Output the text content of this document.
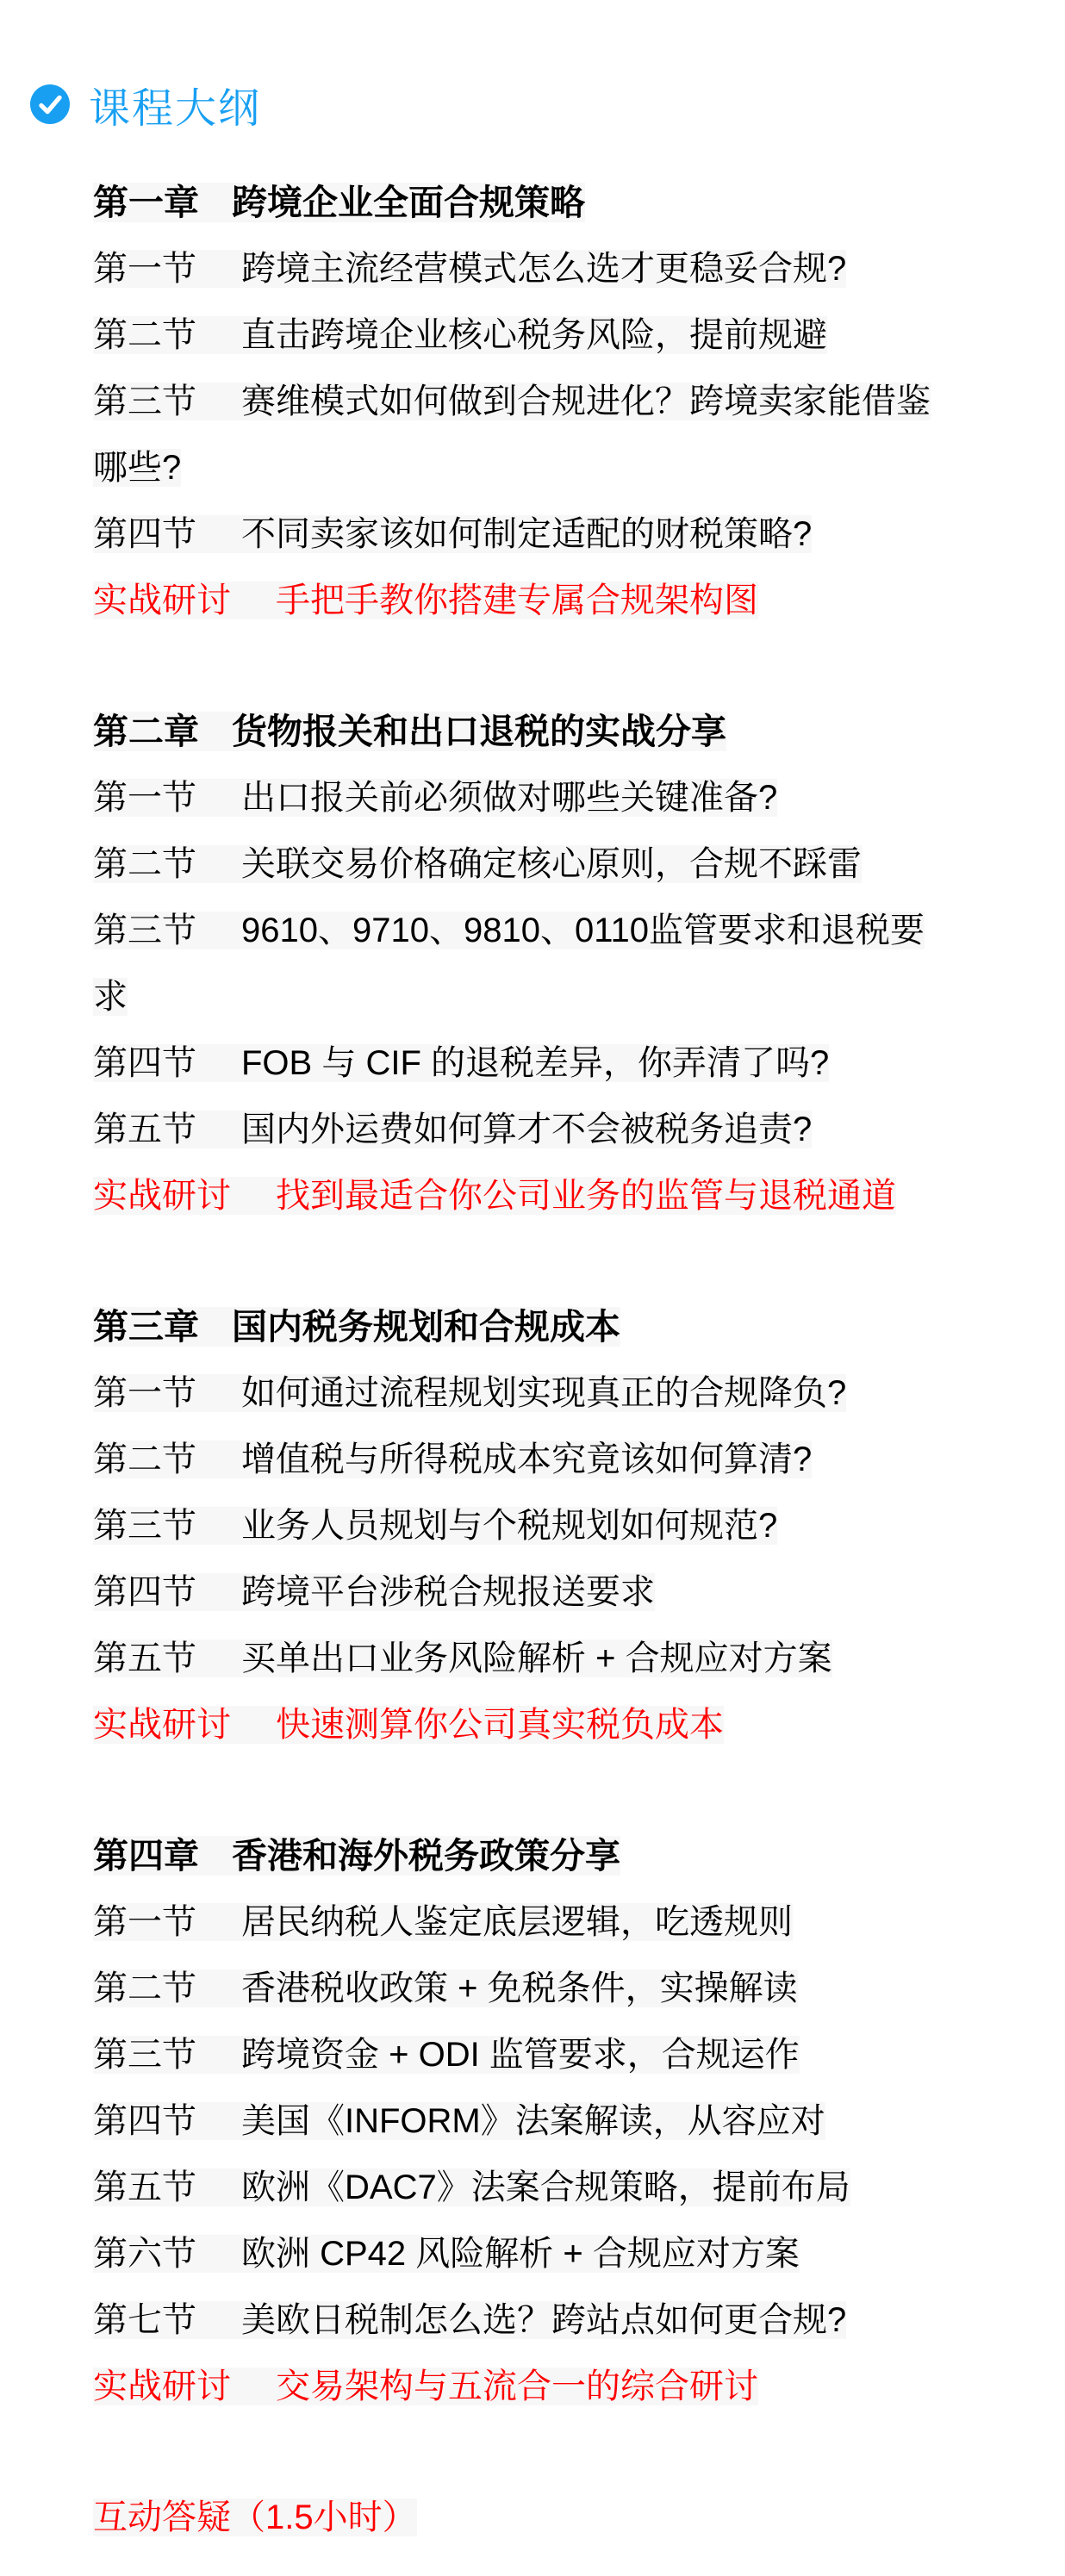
课程大纲

第一章 跨境企业全面合规策略

第一节 跨境主流经营模式怎么选才更稳妥合规?

第二节 直击跨境企业核心税务风险，提前规避

第三节 赛维模式如何做到合规进化？跨境卖家能借鉴哪些?

第四节 不同卖家该如何制定适配的财税策略?

实战研讨 手把手教你搭建专属合规架构图

第二章 货物报关和出口退税的实战分享

第一节 出口报关前必须做对哪些关键准备?

第二节 关联交易价格确定核心原则，合规不踩雷

第三节 9610、9710、9810、0110监管要求和退税要求

第四节 FOB 与 CIF 的退税差异，你弄清了吗?

第五节 国内外运费如何算才不会被税务追责?

实战研讨 找到最适合你公司业务的监管与退税通道

第三章 国内税务规划和合规成本

第一节 如何通过流程规划实现真正的合规降负?

第二节 增值税与所得税成本究竟该如何算清?

第三节 业务人员规划与个税规划如何规范?

第四节 跨境平台涉税合规报送要求

第五节 买单出口业务风险解析 + 合规应对方案

实战研讨 快速测算你公司真实税负成本

第四章 香港和海外税务政策分享

第一节 居民纳税人鉴定底层逻辑，吃透规则

第二节 香港税收政策 + 免税条件，实操解读

第三节 跨境资金 + ODI 监管要求，合规运作

第四节 美国《INFORM》法案解读，从容应对

第五节 欧洲《DAC7》法案合规策略，提前布局

第六节 欧洲 CP42 风险解析 + 合规应对方案

第七节 美欧日税制怎么选？跨站点如何更合规?

实战研讨 交易架构与五流合一的综合研讨

互动答疑（1.5小时）
